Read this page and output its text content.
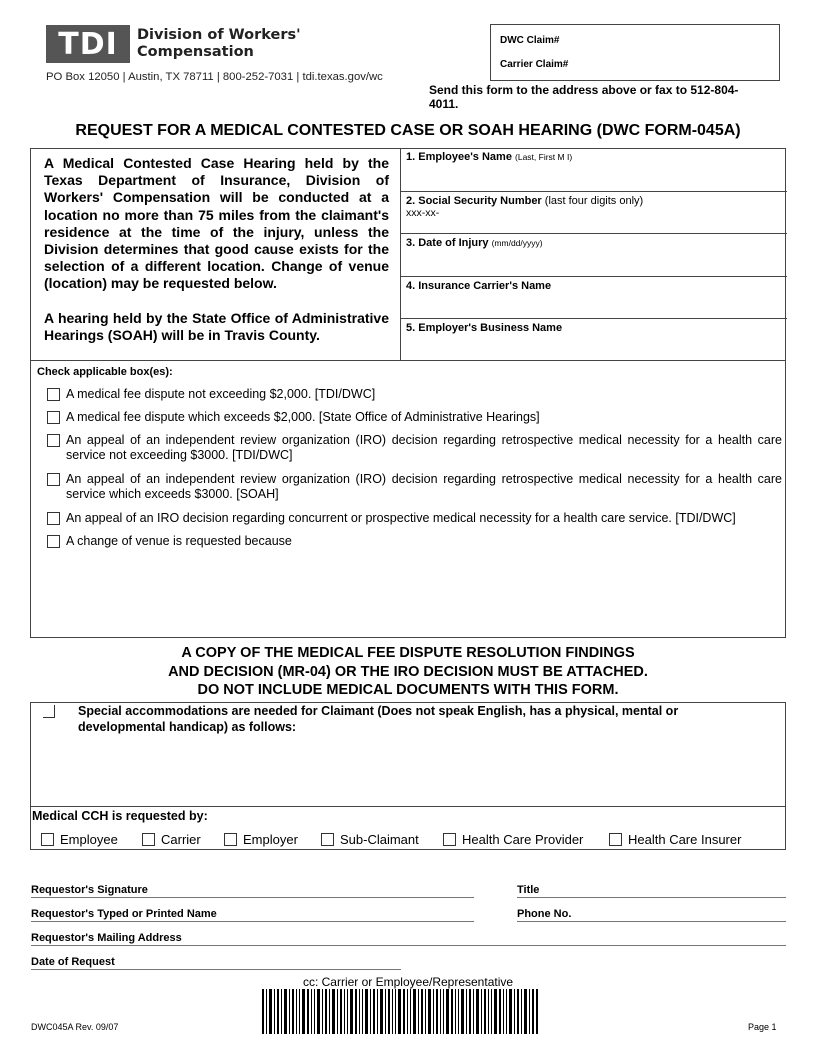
TDI	Division of Workers'
Compensation
PO Box 12050 | Austin, TX 78711 | 800-252-7031 | tdi.texas.gov/wc
DWC Claim#
Carrier Claim#
Send this form to the address above or fax to 512-804-4011.
REQUEST FOR A MEDICAL CONTESTED CASE OR SOAH HEARING (DWC FORM-045A)

A Medical Contested Case Hearing held by the Texas Department of Insurance, Division of Workers' Compensation will be conducted at a location no more than 75 miles from the claimant's residence at the time of the injury, unless the Division determines that good cause exists for the selection of a different location. Change of venue (location) may be requested below.

A hearing held by the State Office of Administrative Hearings (SOAH) will be in Travis County.

1. Employee's Name (Last, First M I)
2. Social Security Number (last four digits only)
xxx-xx-
3. Date of Injury (mm/dd/yyyy)
4. Insurance Carrier's Name
5. Employer's Business Name
Check applicable box(es):
A medical fee dispute not exceeding $2,000. [TDI/DWC]
A medical fee dispute which exceeds $2,000. [State Office of Administrative Hearings]
An appeal of an independent review organization (IRO) decision regarding retrospective medical necessity for a health care service not exceeding $3000. [TDI/DWC]
An appeal of an independent review organization (IRO) decision regarding retrospective medical necessity for a health care service which exceeds $3000. [SOAH]
An appeal of an IRO decision regarding concurrent or prospective medical necessity for a health care service. [TDI/DWC]
A change of venue is requested because
A COPY OF THE MEDICAL FEE DISPUTE RESOLUTION FINDINGS
AND DECISION (MR-04) OR THE IRO DECISION MUST BE ATTACHED.
DO NOT INCLUDE MEDICAL DOCUMENTS WITH THIS FORM.
Special accommodations are needed for Claimant (Does not speak English, has a physical, mental or developmental handicap) as follows:
Medical CCH is requested by:
Employee	Carrier	Employer	Sub-Claimant	Health Care Provider	Health Care Insurer
Requestor's Signature	Title
Requestor's Typed or Printed Name	Phone No.
Requestor's Mailing Address
Date of Request
cc: Carrier or Employee/Representative
DWC045A Rev. 09/07	Page 1
